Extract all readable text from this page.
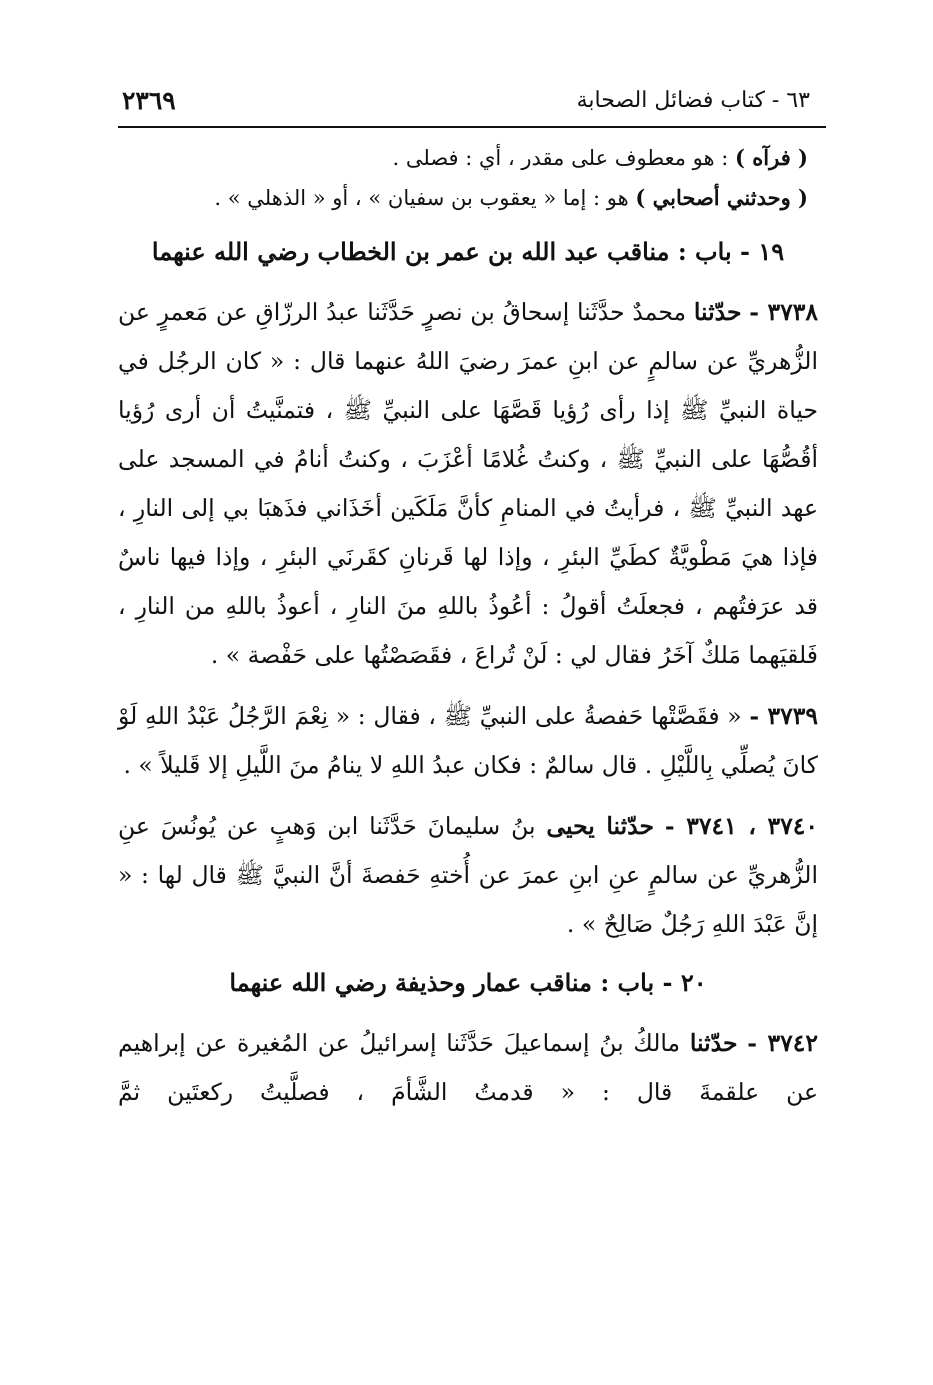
٦٣ - كتاب فضائل الصحابة
٢٣٦٩

( فرآه ) : هو معطوف على مقدر ، أي : فصلى .

( وحدثني أصحابي ) هو : إما « يعقوب بن سفيان » ، أو « الذهلي » .

١٩ - باب : مناقب عبد الله بن عمر بن الخطاب رضي الله عنهما

٣٧٣٨ - حدّثنا محمدٌ حدَّثَنا إسحاقُ بن نصرٍ حَدَّثَنا عبدُ الرزّاقِ عن مَعمرٍ عن الزُّهريِّ عن سالمٍ عن ابنِ عمرَ رضيَ اللهُ عنهما قال : « كان الرجُل في حياة النبيِّ ﷺ إذا رأى رُؤيا قَصَّهَا على النبيِّ ﷺ ، فتمنَّيتُ أن أرى رُؤيا أقُصُّهَا على النبيِّ ﷺ ، وكنتُ غُلامًا أعْزَبَ ، وكنتُ أنامُ في المسجد على عهد النبيِّ ﷺ ، فرأيتُ في المنامِ كأنَّ مَلَكَين أخَذَاني فذَهبَا بي إلى النارِ ، فإذا هيَ مَطْويَّةٌ كطَيِّ البئرِ ، وإذا لها قَرنانِ كقَرنَي البئرِ ، وإذا فيها ناسٌ قد عرَفتُهم ، فجعلَتُ أقولُ : أعُوذُ باللهِ منَ النارِ ، أعوذُ باللهِ من النارِ ، فَلقيَهما مَلكٌ آخَرُ فقال لي : لَنْ تُراعَ ، فقَصَصْتُها على حَفْصة » .

٣٧٣٩ - « فقَصَّتْها حَفصةُ على النبيِّ ﷺ ، فقال : « نِعْمَ الرَّجُلُ عَبْدُ اللهِ لَوْ كانَ يُصلِّي بِاللَّيْلِ . قال سالمٌ : فكان عبدُ اللهِ لا ينامُ منَ اللَّيلِ إلا قَليلاً » .

٣٧٤٠ ، ٣٧٤١ - حدّثنا يحيى بنُ سليمانَ حَدَّثَنا ابن وَهبٍ عن يُونُسَ عنِ الزُّهريِّ عن سالمٍ عنِ ابنِ عمرَ عن أُختهِ حَفصةَ أنَّ النبيَّ ﷺ قال لها : « إنَّ عَبْدَ اللهِ رَجُلٌ صَالِحٌ » .

٢٠ - باب : مناقب عمار وحذيفة رضي الله عنهما

٣٧٤٢ - حدّثنا مالكُ بنُ إسماعيلَ حَدَّثَنا إسرائيلُ عن المُغيرة عن إبراهيم عن علقمةَ قال : « قدمتُ الشَّأمَ ، فصلَّيتُ ركعتَين ثمَّ
